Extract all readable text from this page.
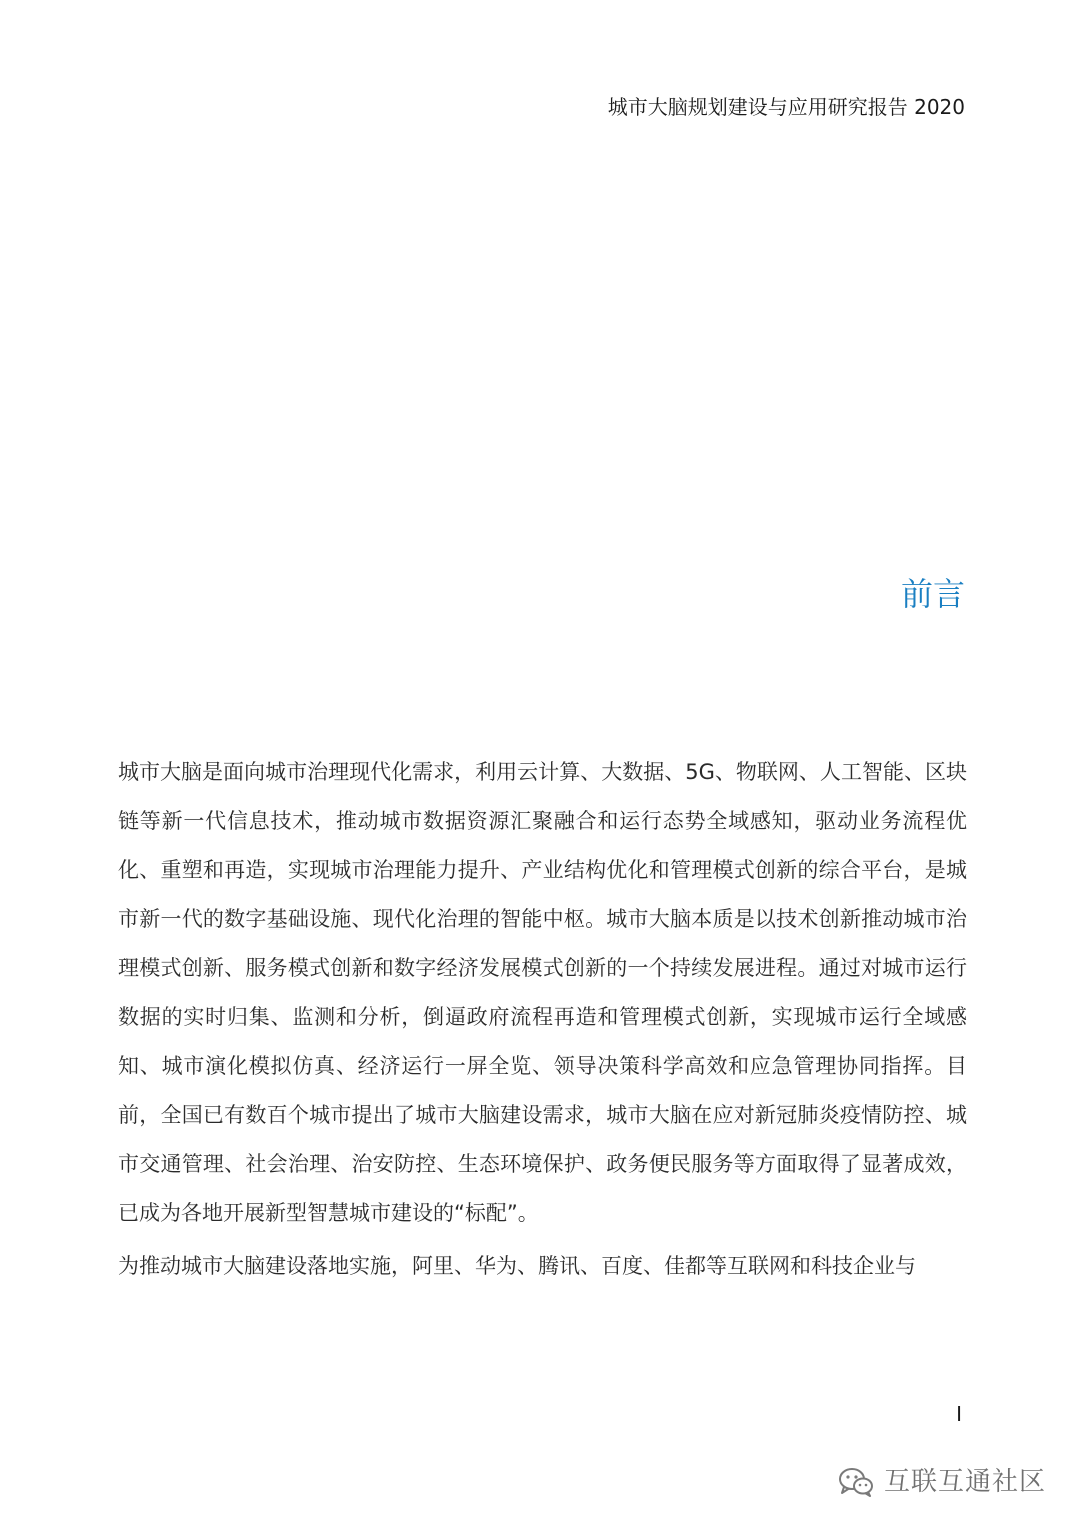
城市大脑规划建设与应用研究报告 2020
前言

城市大脑是面向城市治理现代化需求，利用云计算、大数据、5G、物联网、人工智能、区块链等新一代信息技术，推动城市数据资源汇聚融合和运行态势全域感知，驱动业务流程优化、重塑和再造，实现城市治理能力提升、产业结构优化和管理模式创新的综合平台，是城市新一代的数字基础设施、现代化治理的智能中枢。城市大脑本质是以技术创新推动城市治理模式创新、服务模式创新和数字经济发展模式创新的一个持续发展进程。通过对城市运行数据的实时归集、监测和分析，倒逼政府流程再造和管理模式创新，实现城市运行全域感知、城市演化模拟仿真、经济运行一屏全览、领导决策科学高效和应急管理协同指挥。目前，全国已有数百个城市提出了城市大脑建设需求，城市大脑在应对新冠肺炎疫情防控、城市交通管理、社会治理、治安防控、生态环境保护、政务便民服务等方面取得了显著成效，已成为各地开展新型智慧城市建设的“标配”。

为推动城市大脑建设落地实施，阿里、华为、腾讯、百度、佳都等互联网和科技企业与

I
互联互通社区
